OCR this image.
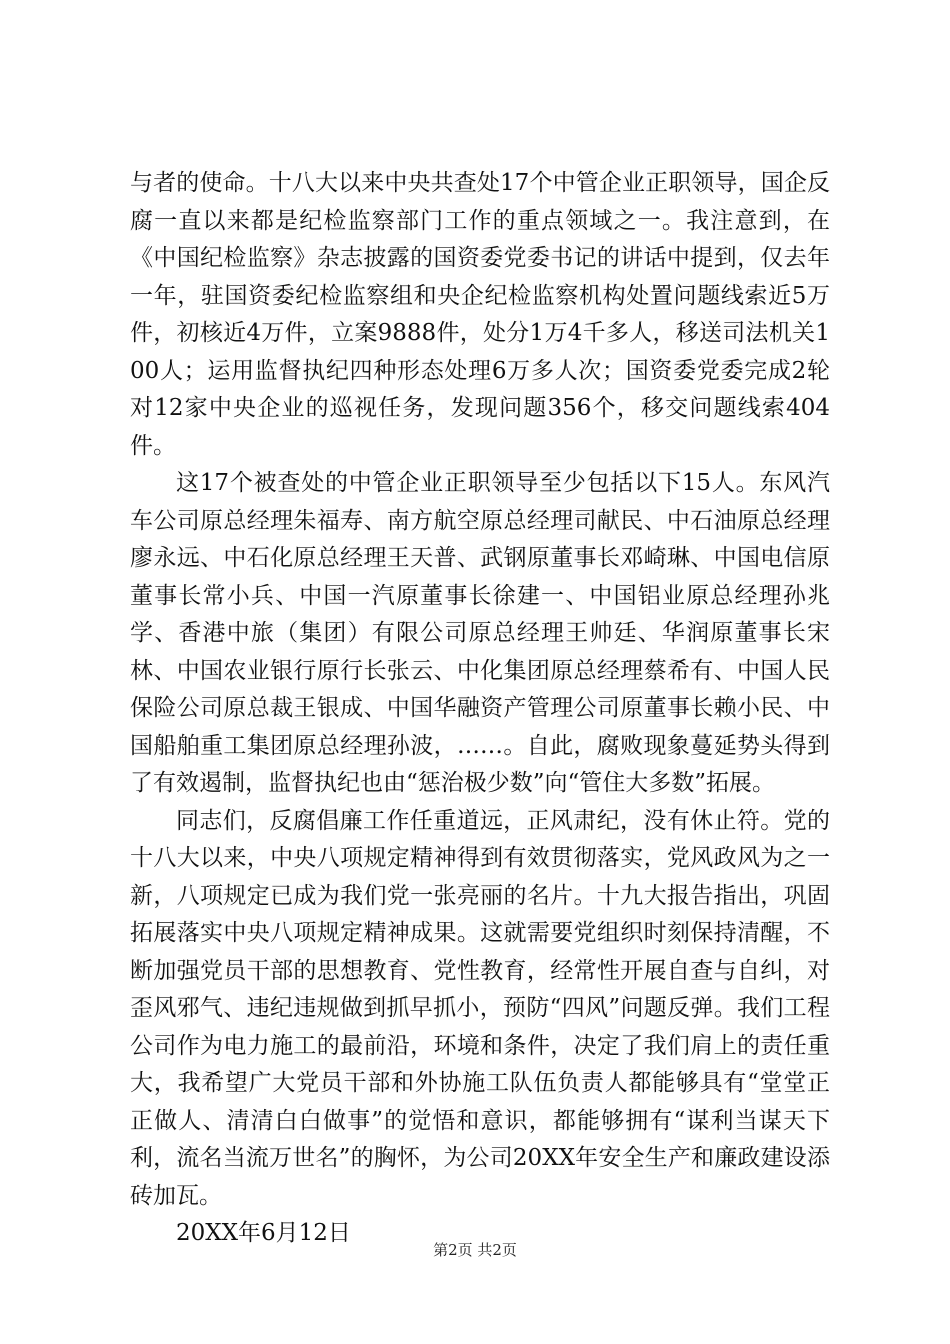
与者的使命。十八大以来中央共查处17个中管企业正职领导，国企反腐一直以来都是纪检监察部门工作的重点领域之一。我注意到，在《中国纪检监察》杂志披露的国资委党委书记的讲话中提到，仅去年一年，驻国资委纪检监察组和央企纪检监察机构处置问题线索近5万件，初核近4万件，立案9888件，处分1万4千多人，移送司法机关100人；运用监督执纪四种形态处理6万多人次；国资委党委完成2轮对12家中央企业的巡视任务，发现问题356个，移交问题线索404件。

这17个被查处的中管企业正职领导至少包括以下15人。东风汽车公司原总经理朱福寿、南方航空原总经理司献民、中石油原总经理廖永远、中石化原总经理王天普、武钢原董事长邓崎琳、中国电信原董事长常小兵、中国一汽原董事长徐建一、中国铝业原总经理孙兆学、香港中旅（集团）有限公司原总经理王帅廷、华润原董事长宋林、中国农业银行原行长张云、中化集团原总经理蔡希有、中国人民保险公司原总裁王银成、中国华融资产管理公司原董事长赖小民、中国船舶重工集团原总经理孙波，……。自此，腐败现象蔓延势头得到了有效遏制，监督执纪也由“惩治极少数”向“管住大多数”拓展。

同志们，反腐倡廉工作任重道远，正风肃纪，没有休止符。党的十八大以来，中央八项规定精神得到有效贯彻落实，党风政风为之一新，八项规定已成为我们党一张亮丽的名片。十九大报告指出，巩固拓展落实中央八项规定精神成果。这就需要党组织时刻保持清醒，不断加强党员干部的思想教育、党性教育，经常性开展自查与自纠，对歪风邪气、违纪违规做到抓早抓小，预防“四风”问题反弹。我们工程公司作为电力施工的最前沿，环境和条件，决定了我们肩上的责任重大，我希望广大党员干部和外协施工队伍负责人都能够具有“堂堂正正做人、清清白白做事”的觉悟和意识，都能够拥有“谋利当谋天下利，流名当流万世名”的胸怀，为公司20XX年安全生产和廉政建设添砖加瓦。

20XX年6月12日

第2页 共2页
